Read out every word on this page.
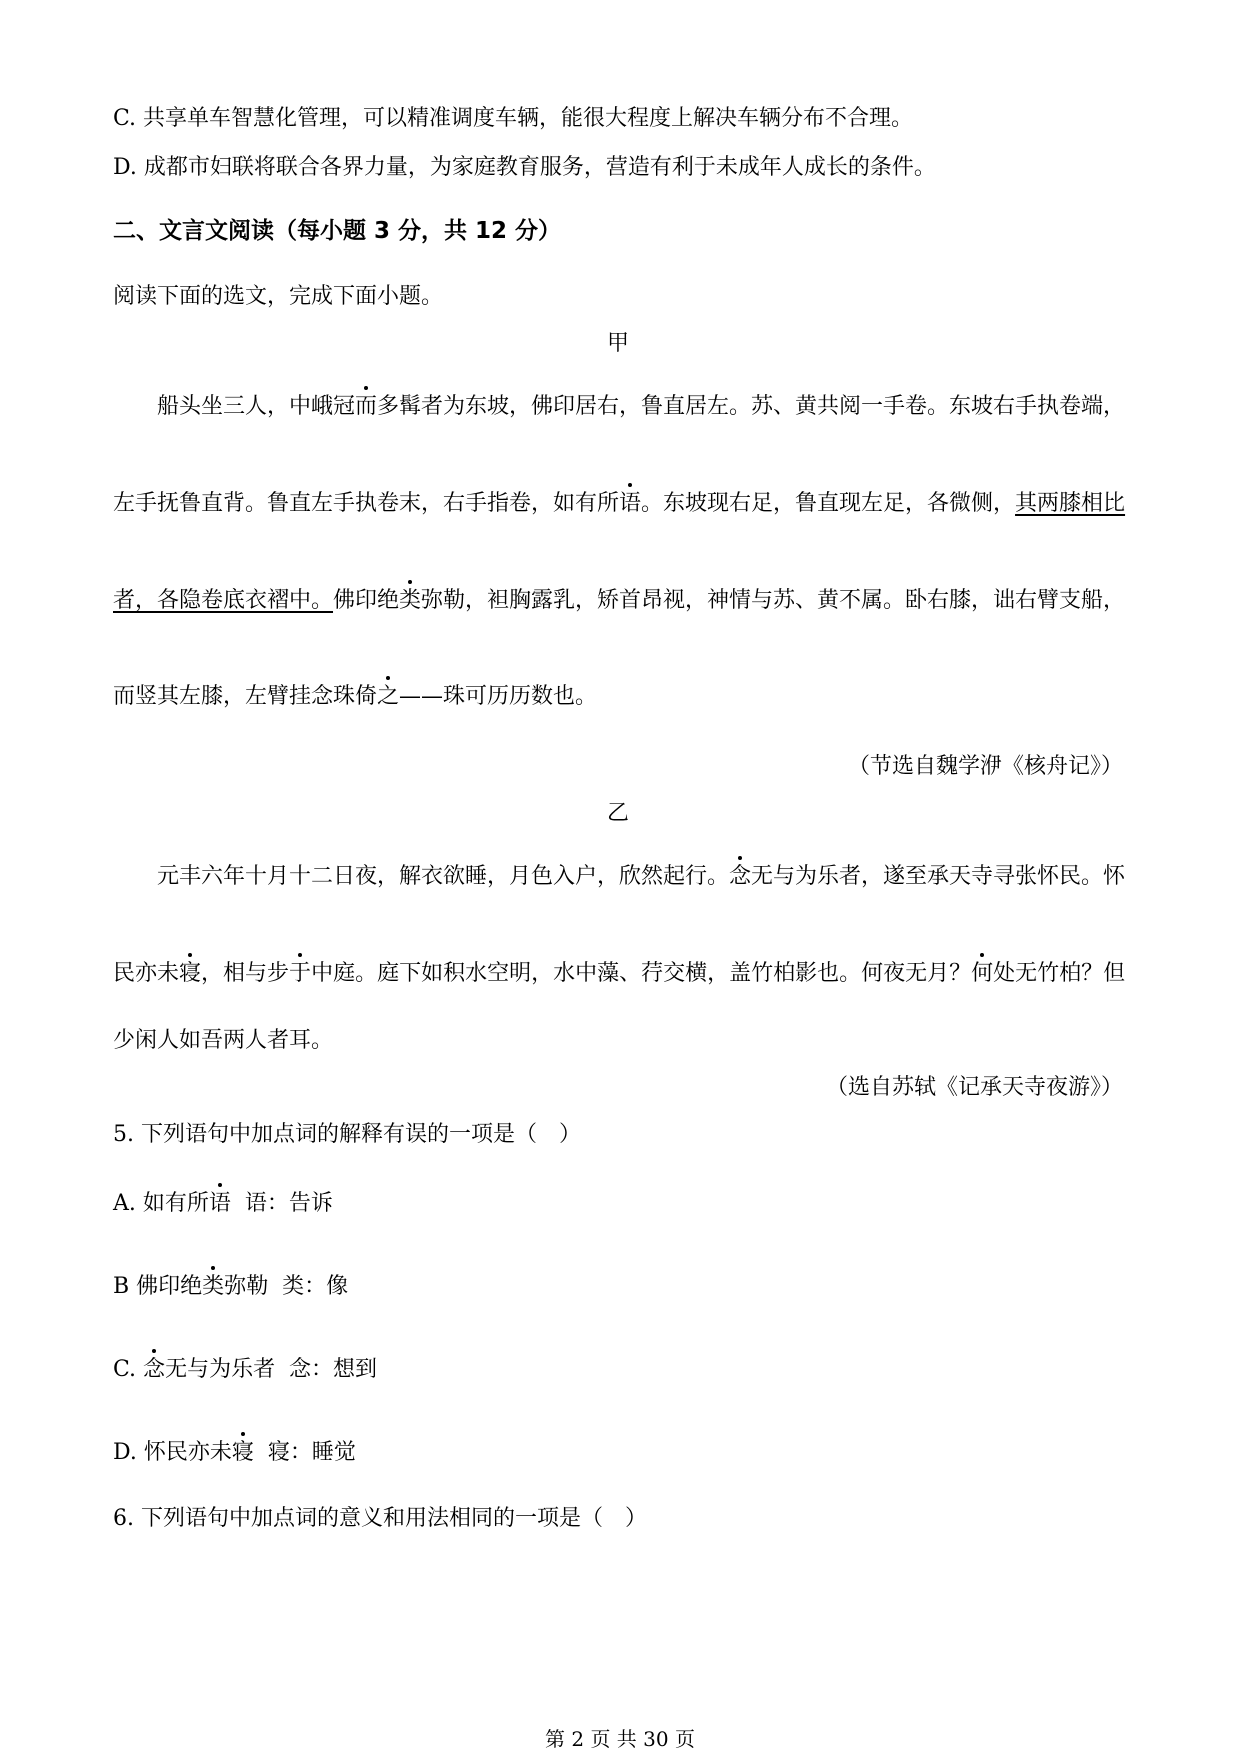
C. 共享单车智慧化管理，可以精准调度车辆，能很大程度上解决车辆分布不合理。
D. 成都市妇联将联合各界力量，为家庭教育服务，营造有利于未成年人成长的条件。
二、文言文阅读（每小题 3 分，共 12 分）
阅读下面的选文，完成下面小题。
甲
船头坐三人，中峨冠而多髯者为东坡，佛印居右，鲁直居左。苏、黄共阅一手卷。东坡右手执卷端，
左手抚鲁直背。鲁直左手执卷末，右手指卷，如有所语。东坡现右足，鲁直现左足，各微侧，其两膝相比
者，各隐卷底衣褶中。佛印绝类弥勒，袒胸露乳，矫首昂视，神情与苏、黄不属。卧右膝，诎右臂支船，
而竖其左膝，左臂挂念珠倚之——珠可历历数也。
（节选自魏学洢《核舟记》）
乙
元丰六年十月十二日夜，解衣欲睡，月色入户，欣然起行。念无与为乐者，遂至承天寺寻张怀民。怀
民亦未寝，相与步于中庭。庭下如积水空明，水中藻、荇交横，盖竹柏影也。何夜无月？何处无竹柏？但
少闲人如吾两人者耳。
（选自苏轼《记承天寺夜游》）
5. 下列语句中加点词的解释有误的一项是（　）
A. 如有所语  语：告诉
B 佛印绝类弥勒  类：像
C. 念无与为乐者  念：想到
D. 怀民亦未寝  寝：睡觉
6. 下列语句中加点词的意义和用法相同的一项是（　）
第 2 页 共 30 页
